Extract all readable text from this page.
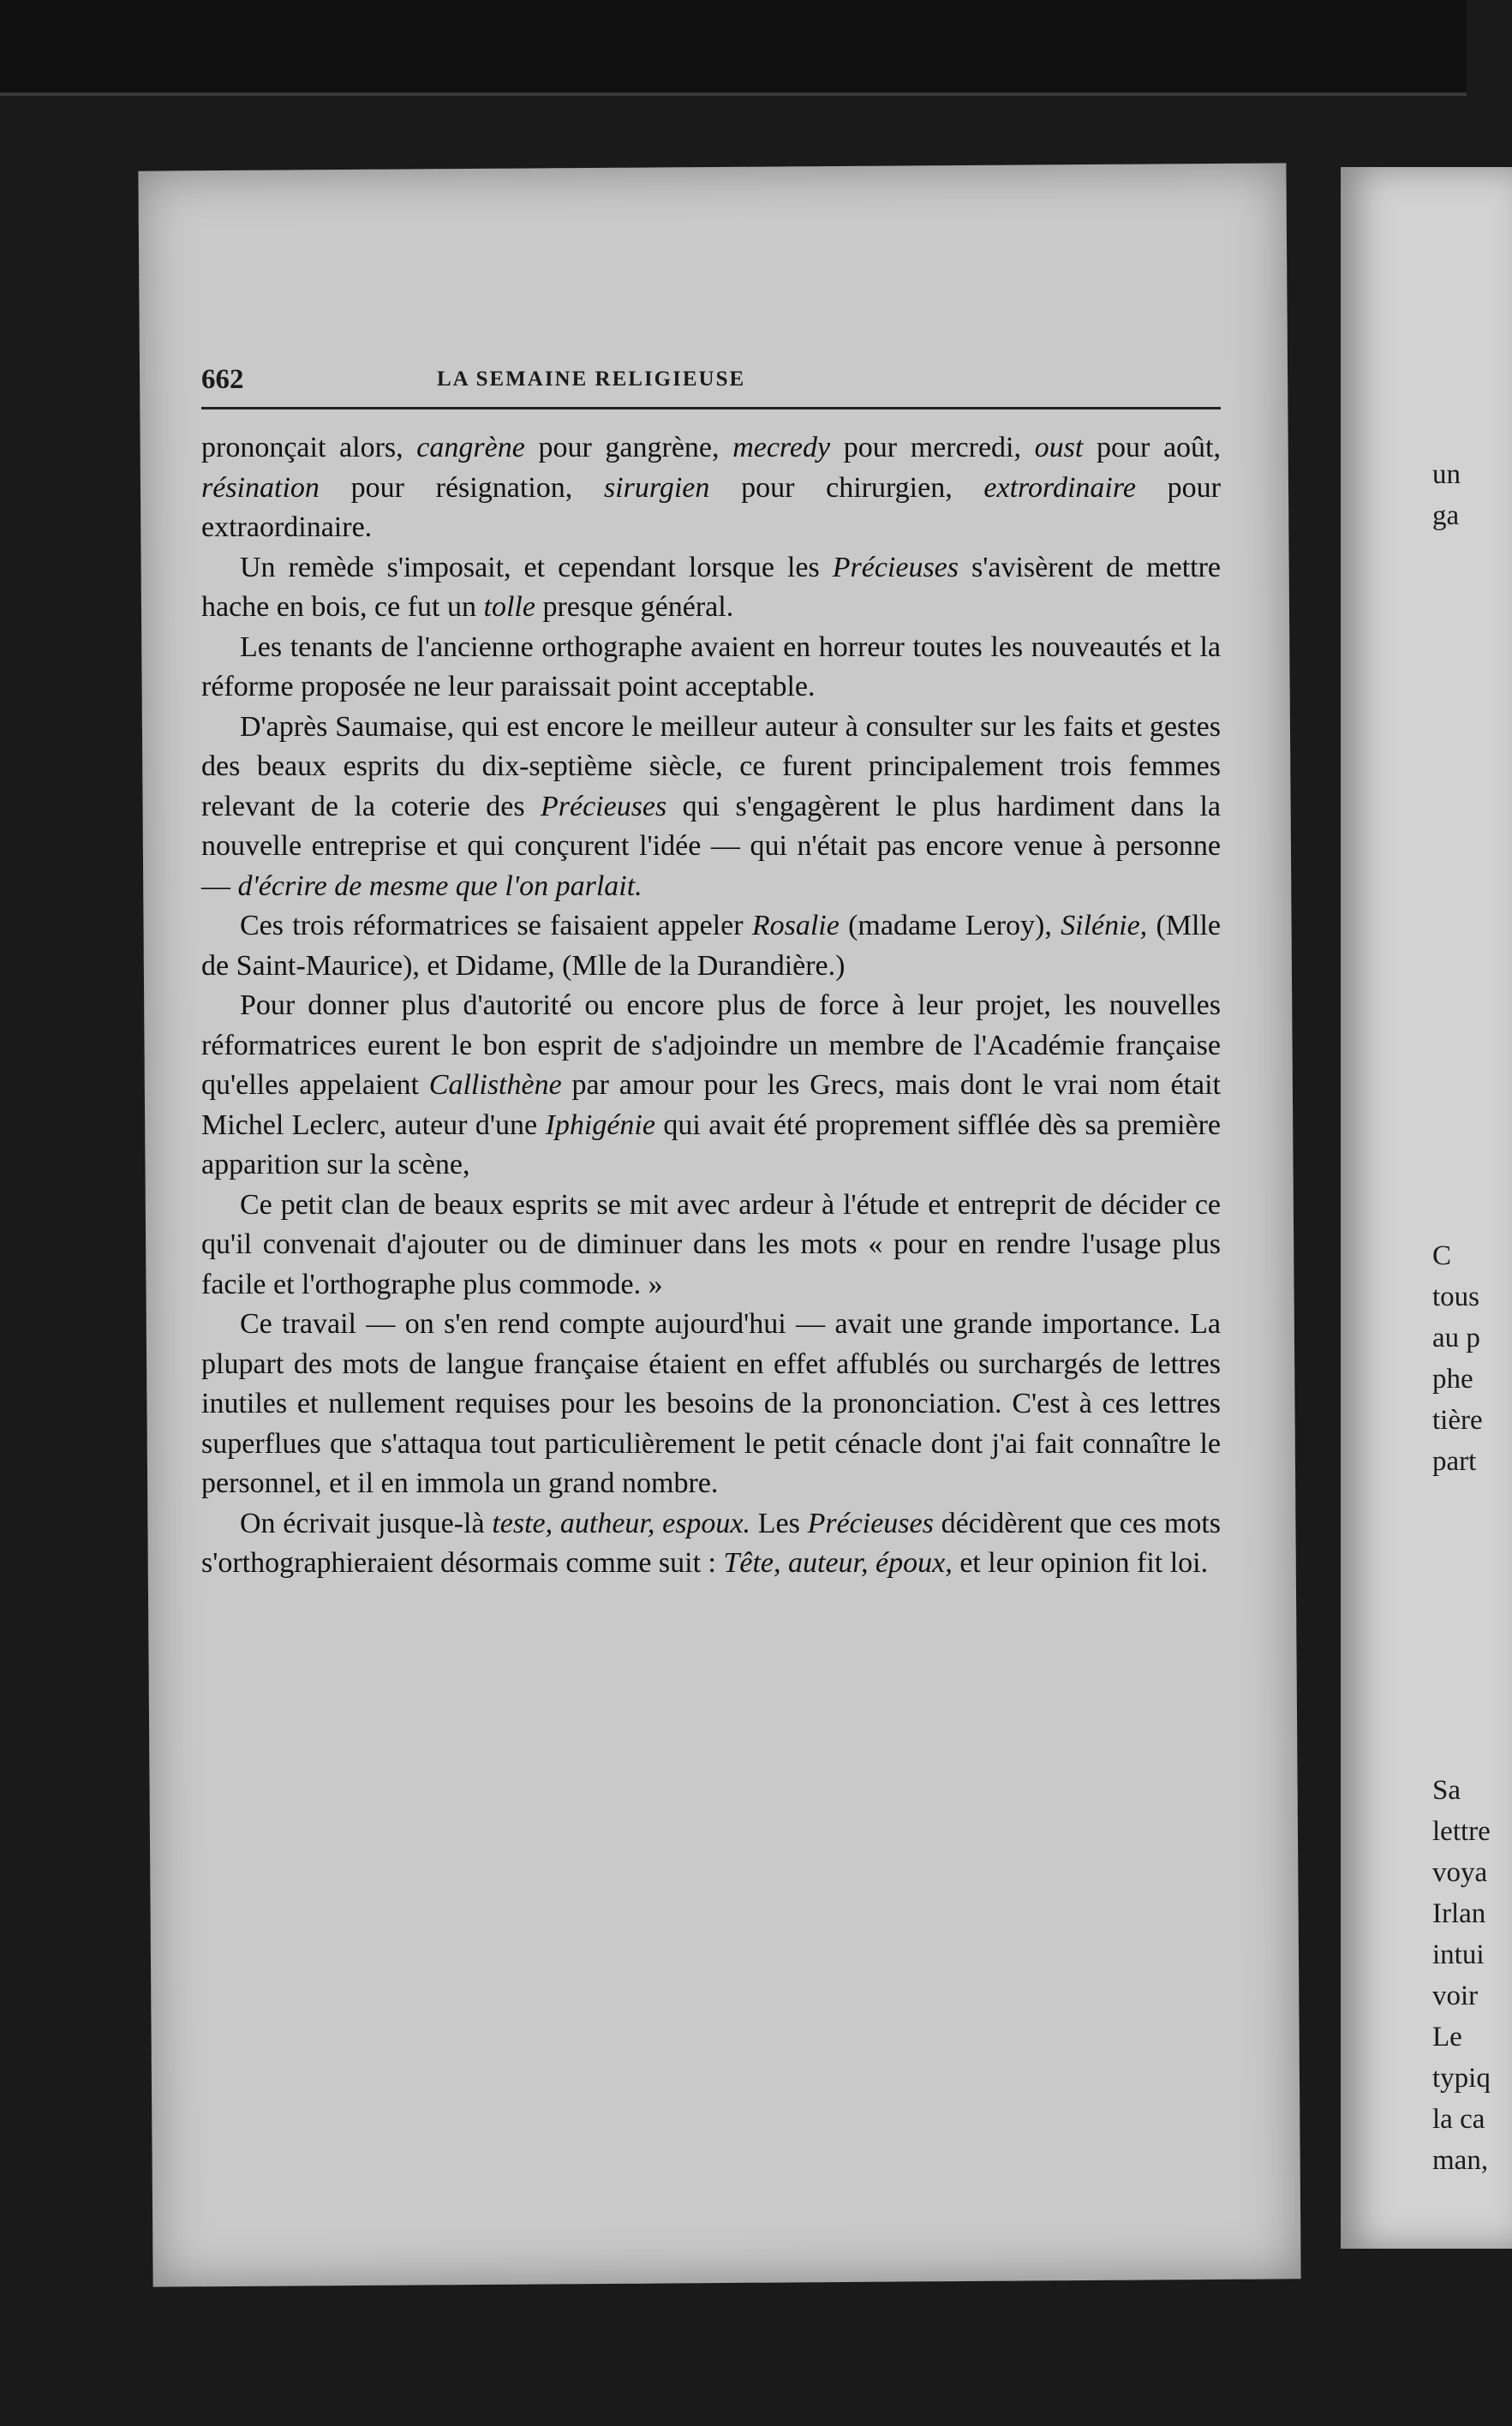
un
ga

C
tous
au p
phe
tière
part

Sa
lettre
voya
Irlan
intui
voir
Le
typiq
la ca
man,
662	LA SEMAINE RELIGIEUSE

prononçait alors, cangrène pour gangrène, mecredy pour mercredi, oust pour août, résination pour résignation, sirurgien pour chirurgien, extrordinaire pour extraordinaire.

Un remède s'imposait, et cependant lorsque les Précieuses s'avisèrent de mettre hache en bois, ce fut un tolle presque général.

Les tenants de l'ancienne orthographe avaient en horreur toutes les nouveautés et la réforme proposée ne leur paraissait point acceptable.

D'après Saumaise, qui est encore le meilleur auteur à consulter sur les faits et gestes des beaux esprits du dix-septième siècle, ce furent principalement trois femmes relevant de la coterie des Précieuses qui s'engagèrent le plus hardiment dans la nouvelle entreprise et qui conçurent l'idée — qui n'était pas encore venue à personne — d'écrire de mesme que l'on parlait.

Ces trois réformatrices se faisaient appeler Rosalie (madame Leroy), Silénie, (Mlle de Saint-Maurice), et Didame, (Mlle de la Durandière.)

Pour donner plus d'autorité ou encore plus de force à leur projet, les nouvelles réformatrices eurent le bon esprit de s'adjoindre un membre de l'Académie française qu'elles appelaient Callisthène par amour pour les Grecs, mais dont le vrai nom était Michel Leclerc, auteur d'une Iphigénie qui avait été proprement sifflée dès sa première apparition sur la scène,

Ce petit clan de beaux esprits se mit avec ardeur à l'étude et entreprit de décider ce qu'il convenait d'ajouter ou de diminuer dans les mots « pour en rendre l'usage plus facile et l'orthographe plus commode. »

Ce travail — on s'en rend compte aujourd'hui — avait une grande importance. La plupart des mots de langue française étaient en effet affublés ou surchargés de lettres inutiles et nullement requises pour les besoins de la prononciation. C'est à ces lettres superflues que s'attaqua tout particulièrement le petit cénacle dont j'ai fait connaître le personnel, et il en immola un grand nombre.

On écrivait jusque-là teste, autheur, espoux. Les Précieuses décidèrent que ces mots s'orthographieraient désormais comme suit : Tête, auteur, époux, et leur opinion fit loi.
